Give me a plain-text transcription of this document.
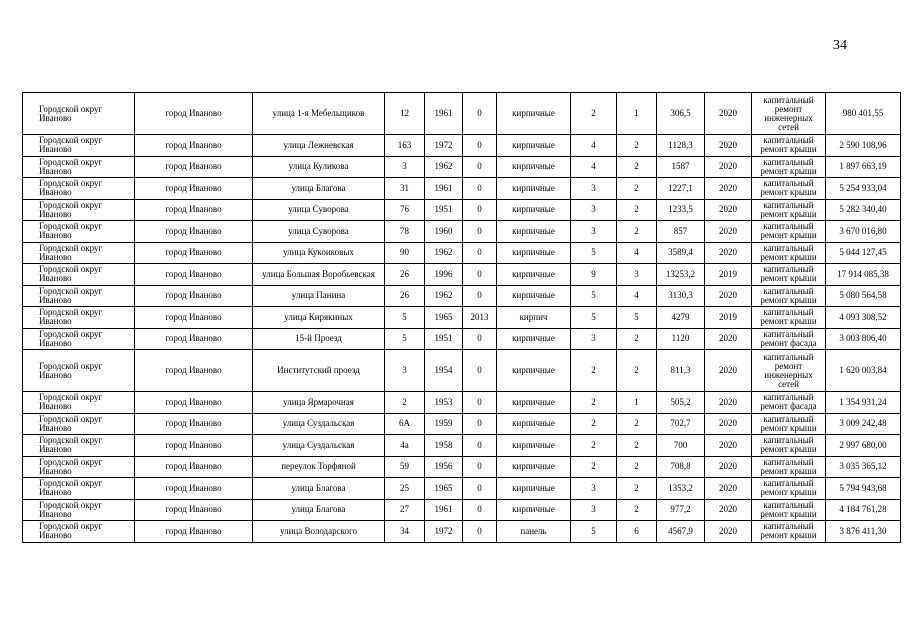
34
Городской округ Иваново	город Иваново	улица 1-я Мебельщиков	12	1961	0	кирпичные	2	1	306,5	2020	капитальный ремонт инженерных сетей	980 401,55
Городской округ Иваново	город Иваново	улица Лежневская	163	1972	0	кирпичные	4	2	1128,3	2020	капитальный ремонт крыши	2 590 108,96
Городской округ Иваново	город Иваново	улица Куликова	3	1962	0	кирпичные	4	2	1587	2020	капитальный ремонт крыши	1 897 663,19
Городской округ Иваново	город Иваново	улица Благова	31	1961	0	кирпичные	3	2	1227,1	2020	капитальный ремонт крыши	5 254 933,04
Городской округ Иваново	город Иваново	улица Суворова	76	1951	0	кирпичные	3	2	1233,5	2020	капитальный ремонт крыши	5 282 340,40
Городской округ Иваново	город Иваново	улица Суворова	78	1960	0	кирпичные	3	2	857	2020	капитальный ремонт крыши	3 670 016,80
Городской округ Иваново	город Иваново	улица Кукоиковых	90	1962	0	кирпичные	5	4	3589,4	2020	капитальный ремонт крыши	5 044 127,45
Городской округ Иваново	город Иваново	улица Большая Воробьевская	26	1996	0	кирпичные	9	3	13253,2	2019	капитальный ремонт крыши	17 914 085,38
Городской округ Иваново	город Иваново	улица Панина	26	1962	0	кирпичные	5	4	3130,3	2020	капитальный ремонт крыши	5 080 564,58
Городской округ Иваново	город Иваново	улица Кирякиных	5	1965	2013	кирпич	5	5	4279	2019	капитальный ремонт крыши	4 093 308,52
Городской округ Иваново	город Иваново	15-й Проезд	5	1951	0	кирпичные	3	2	1120	2020	капитальный ремонт фасада	3 003 806,40
Городской округ Иваново	город Иваново	Институтский проезд	3	1954	0	кирпичные	2	2	811,3	2020	капитальный ремонт инженерных сетей	1 620 003,84
Городской округ Иваново	город Иваново	улица Ярмарочная	2	1953	0	кирпичные	2	1	505,2	2020	капитальный ремонт фасада	1 354 931,24
Городской округ Иваново	город Иваново	улица Суздальская	6А	1959	0	кирпичные	2	2	702,7	2020	капитальный ремонт крыши	3 009 242,48
Городской округ Иваново	город Иваново	улица Суздальская	4а	1958	0	кирпичные	2	2	700	2020	капитальный ремонт крыши	2 997 680,00
Городской округ Иваново	город Иваново	переулок Торфяной	59	1956	0	кирпичные	2	2	708,8	2020	капитальный ремонт крыши	3 035 365,12
Городской округ Иваново	город Иваново	улица Благова	25	1965	0	кирпичные	3	2	1353,2	2020	капитальный ремонт крыши	5 794 943,68
Городской округ Иваново	город Иваново	улица Благова	27	1961	0	кирпичные	3	2	977,2	2020	капитальный ремонт крыши	4 184 761,28
Городской округ Иваново	город Иваново	улица Володарского	34	1972	0	панель	5	6	4567,9	2020	капитальный ремонт крыши	3 876 411,30
